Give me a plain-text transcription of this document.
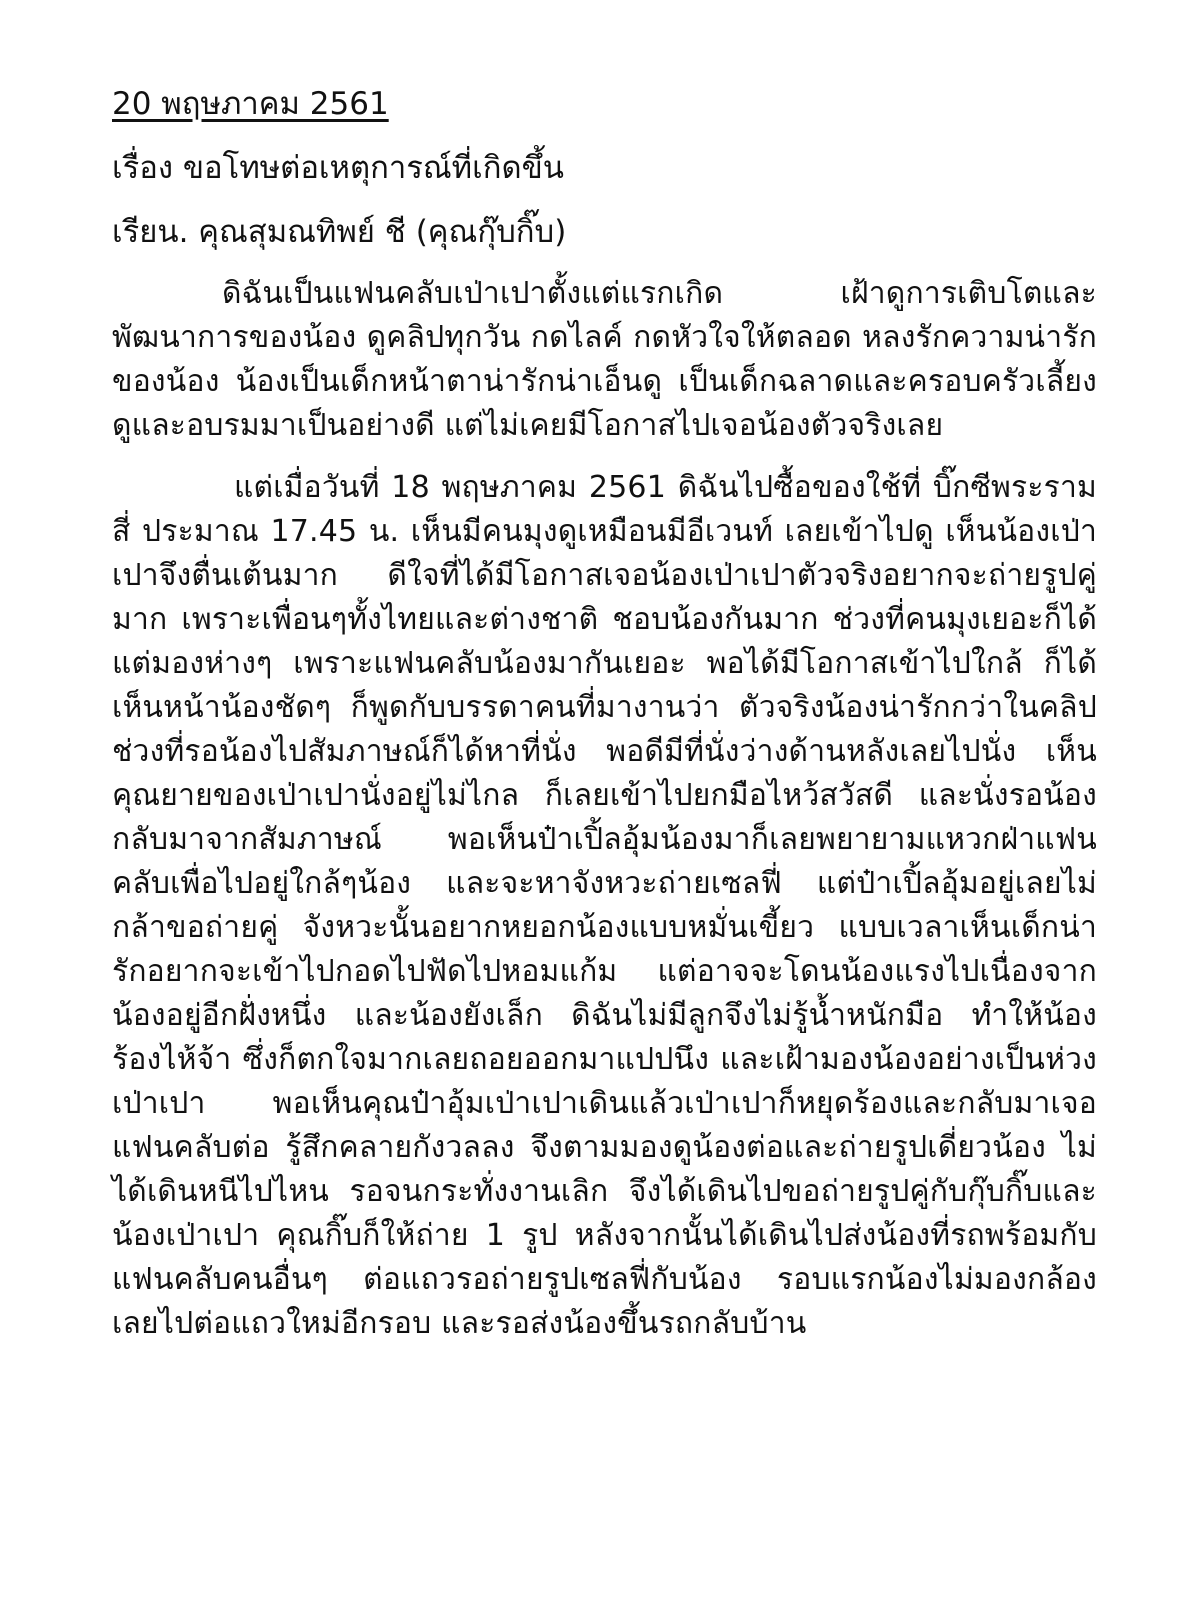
20 พฤษภาคม 2561
เรื่อง ขอโทษต่อเหตุการณ์ที่เกิดขึ้น
เรียน. คุณสุมณทิพย์ ชี (คุณกุ๊บกิ๊บ)
ดิฉันเป็นแฟนคลับเป่าเปาตั้งแต่แรกเกิด เฝ้าดูการเติบโตและพัฒนาการของน้อง ดูคลิปทุกวัน กดไลค์ กดหัวใจให้ตลอด หลงรักความน่ารักของน้อง น้องเป็นเด็กหน้าตาน่ารักน่าเอ็นดู เป็นเด็กฉลาดและครอบครัวเลี้ยงดูและอบรมมาเป็นอย่างดี แต่ไม่เคยมีโอกาสไปเจอน้องตัวจริงเลย
แต่เมื่อวันที่ 18 พฤษภาคม 2561 ดิฉันไปซื้อของใช้ที่ บิ๊กซีพระรามสี่ ประมาณ 17.45 น. เห็นมีคนมุงดูเหมือนมีอีเวนท์ เลยเข้าไปดู เห็นน้องเป่าเปาจึงตื่นเต้นมาก ดีใจที่ได้มีโอกาสเจอน้องเป่าเปาตัวจริงอยากจะถ่ายรูปคู่มาก เพราะเพื่อนๆทั้งไทยและต่างชาติ ชอบน้องกันมาก ช่วงที่คนมุงเยอะก็ได้แต่มองห่างๆ เพราะแฟนคลับน้องมากันเยอะ พอได้มีโอกาสเข้าไปใกล้ ก็ได้เห็นหน้าน้องชัดๆ ก็พูดกับบรรดาคนที่มางานว่า ตัวจริงน้องน่ารักกว่าในคลิป ช่วงที่รอน้องไปสัมภาษณ์ก็ได้หาที่นั่ง พอดีมีที่นั่งว่างด้านหลังเลยไปนั่ง เห็นคุณยายของเป่าเปานั่งอยู่ไม่ไกล ก็เลยเข้าไปยกมือไหว้สวัสดี และนั่งรอน้องกลับมาจากสัมภาษณ์ พอเห็นป๋าเปิ้ลอุ้มน้องมาก็เลยพยายามแหวกฝ่าแฟนคลับเพื่อไปอยู่ใกล้ๆน้อง และจะหาจังหวะถ่ายเซลฟี่ แต่ป๋าเปิ้ลอุ้มอยู่เลยไม่กล้าขอถ่ายคู่ จังหวะนั้นอยากหยอกน้องแบบหมั่นเขี้ยว แบบเวลาเห็นเด็กน่ารักอยากจะเข้าไปกอดไปฟัดไปหอมแก้ม แต่อาจจะโดนน้องแรงไปเนื่องจากน้องอยู่อีกฝั่งหนึ่ง และน้องยังเล็ก ดิฉันไม่มีลูกจึงไม่รู้น้ำหนักมือ ทำให้น้องร้องไห้จ้า ซึ่งก็ตกใจมากเลยถอยออกมาแปปนึง และเฝ้ามองน้องอย่างเป็นห่วงเป่าเปา พอเห็นคุณป๋าอุ้มเป่าเปาเดินแล้วเป่าเปาก็หยุดร้องและกลับมาเจอแฟนคลับต่อ รู้สึกคลายกังวลลง จึงตามมองดูน้องต่อและถ่ายรูปเดี่ยวน้อง ไม่ได้เดินหนีไปไหน รอจนกระทั่งงานเลิก จึงได้เดินไปขอถ่ายรูปคู่กับกุ๊บกิ๊บและน้องเป่าเปา คุณกิ๊บก็ให้ถ่าย 1 รูป หลังจากนั้นได้เดินไปส่งน้องที่รถพร้อมกับแฟนคลับคนอื่นๆ ต่อแถวรอถ่ายรูปเซลฟี่กับน้อง รอบแรกน้องไม่มองกล้อง เลยไปต่อแถวใหม่อีกรอบ และรอส่งน้องขึ้นรถกลับบ้าน
